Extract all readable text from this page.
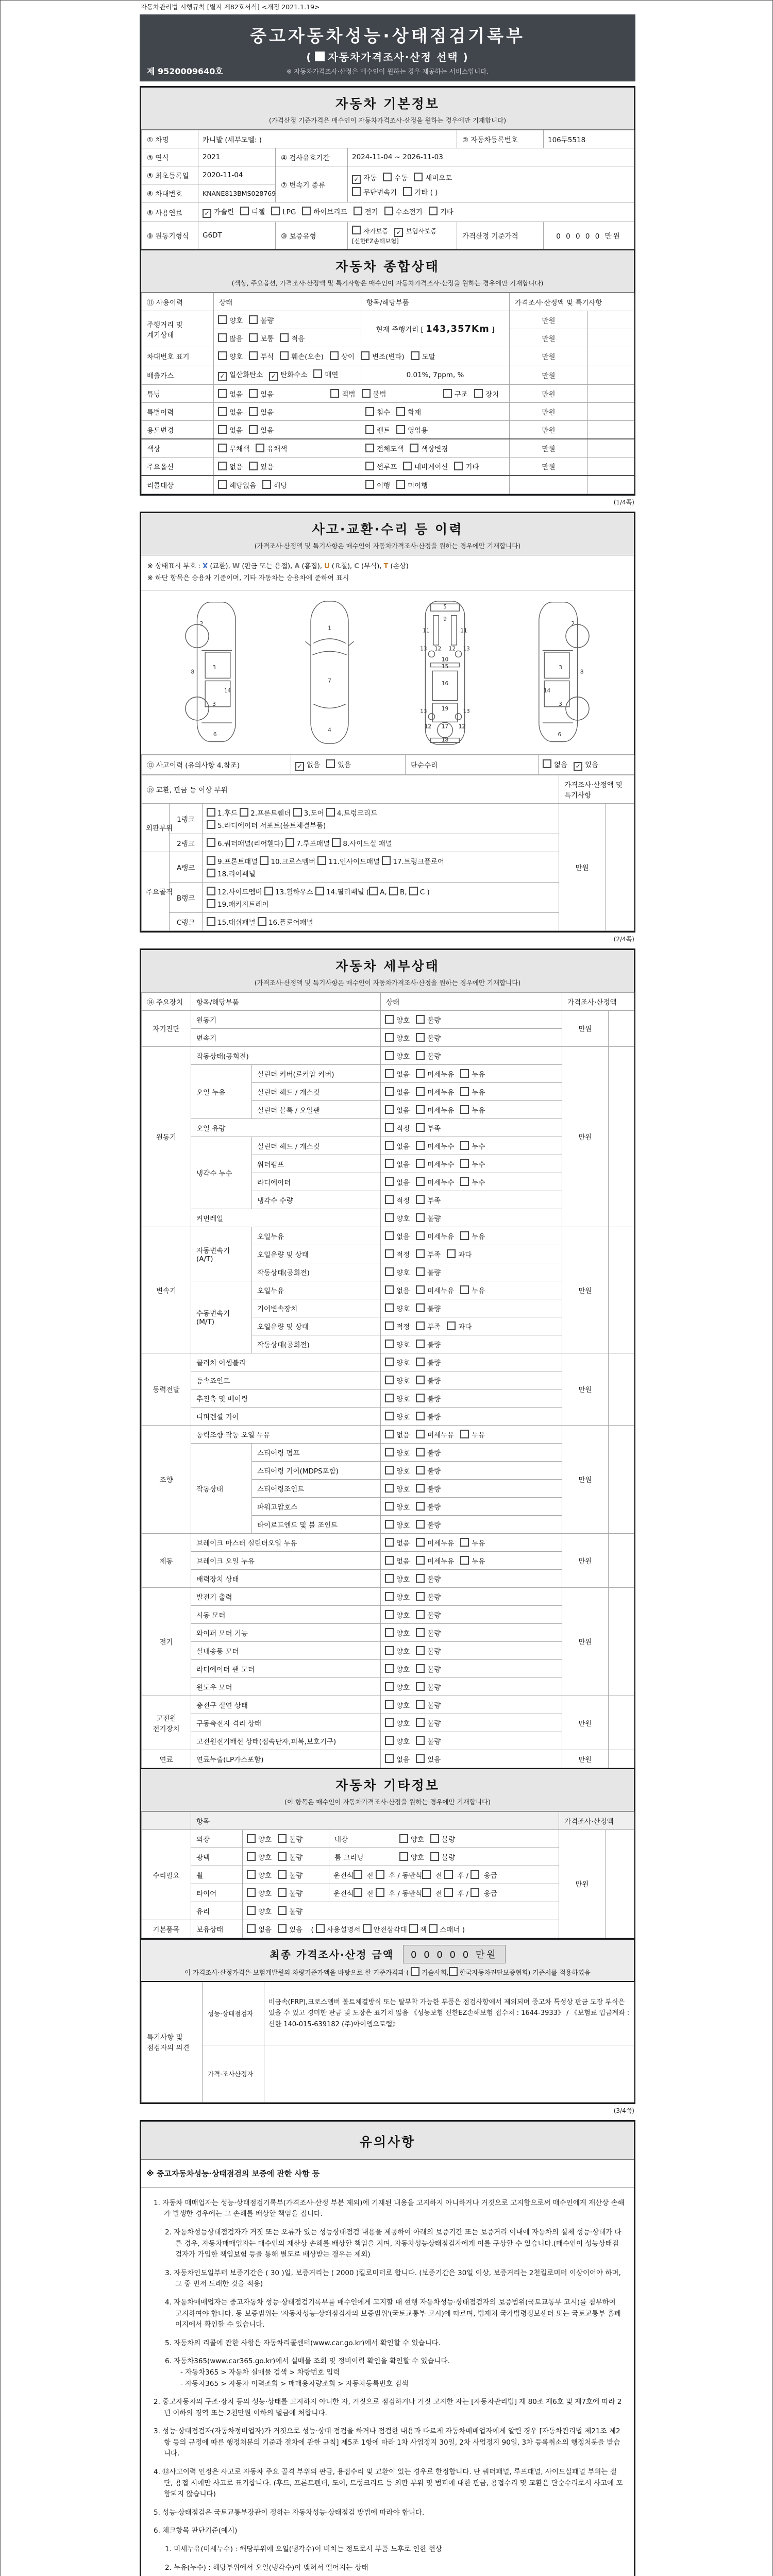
자동차관리법 시행규칙 [별지 제82호서식] <개정 2021.1.19>
중고자동차성능·상태점검기록부
( 자동차가격조사·산정 선택 )
※ 자동차가격조사·산정은 매수인이 원하는 경우 제공하는 서비스입니다.
제 9520009640호
자동차 기본정보
(가격산정 기준가격은 매수인이 자동차가격조사·산정을 원하는 경우에만 기재합니다)
① 차명	카니발 (세부모델: )			② 자동차등록번호	106두5518
③ 연식	2021	④ 검사유효기간	2024-11-04 ~ 2026-11-03		
⑤ 최초등록일	2020-11-04	⑦ 변속기 종류	✓ 자동 수동 세미오토
무단변속기 기타 ( )		

⑥ 차대번호	KNANE813BMS028769				
⑧ 사용연료	✓ 가솔린 디젤 LPG 하이브리드 전기 수소전기 기타				
⑨ 원동기형식	G6DT	⑩ 보증유형	자가보증 ✓ 보험사보증[신한EZ손해보험]	가격산정 기준가격	0 0 0 0 0 만원
자동차 종합상태
(색상, 주요옵션, 가격조사·산정액 및 특기사항은 매수인이 자동차가격조사·산정을 원하는 경우에만 기재합니다)
⑪ 사용이력	상태	항목/해당부품	가격조사·산정액 및 특기사항	
주행거리 및 계기상태	양호 불량	현재 주행거리 [ 143,357Km ]	만원	
	많음 보통 적음		만원	
차대번호 표기	양호 부식 훼손(오손) 상이 변조(변타) 도말		만원	
배출가스	✓ 일산화탄소 ✓ 탄화수소 매연	0.01%, 7ppm, %	만원	
튜닝	없음 있음 적법 불법 구조 장치		만원	
특별이력	없음 있음	침수 화재	만원	
용도변경	없음 있음	렌트 영업용	만원	
색상	무채색 유채색	전체도색 색상변경	만원	
주요옵션	없음 있음	썬루프 네비게이션 기타	만원	
리콜대상	해당없음 해당	이행 미이행		
(1/4쪽)
사고·교환·수리 등 이력
(가격조사·산정액 및 특기사항은 매수인이 자동차가격조사·산정을 원하는 경우에만 기재합니다)
※ 상태표시 부호 : X (교환), W (판금 또는 용접), A (흠집), U (요철), C (부식), T (손상)
※ 하단 항목은 승용차 기준이며, 기타 자동차는 승용차에 준하여 표시
2
8
3
14
3
6
1
7
4
5
9
11	11
13 12 12 13
10
15
16
13 19 13
12 17 12
18
2
8
3
14
3
6
⑫ 사고이력 (유의사항 4.참조)	✓ 없음	있음	단순수리	없음 ✓ 있음
⑬ 교환, 판금 등 이상 부위			가격조사·산정액 및 특기사항	
외판부위	1랭크	1.후드 2.프론트휀더 3.도어 4.트렁크리드
5.라디에이터 서포트(볼트체결부품)	만원	
	2랭크	6.쿼터패널(리어휀다) 7.루프패널 8.사이드실 패널		

주요골격	A랭크	9.프론트패널 10.크로스멤버 11.인사이드패널 17.트렁크플로어
18.리어패널		

	B랭크	12.사이드멤버 13.휠하우스 14.필러패널 ( A, B, C )
19.패키지트레이		

	C랭크	15.대쉬패널 16.플로어패널		
(2/4쪽)
자동차 세부상태
(가격조사·산정액 및 특기사항은 매수인이 자동차가격조사·산정을 원하는 경우에만 기재합니다)
⑭ 주요장치	항목/해당부품		상태	가격조사·산정액	
자기진단	원동기		양호 불량	만원	
	변속기		양호 불량		
원동기	작동상태(공회전)		양호 불량	만원	
	오일 누유	실린더 커버(로커암 커버)	없음 미세누유 누유		
		실린더 헤드 / 개스킷	없음 미세누유 누유		
		실린더 블록 / 오일팬	없음 미세누유 누유		
	오일 유량		적정 부족		
	냉각수 누수	실린더 헤드 / 개스킷	없음 미세누수 누수		
		워터펌프	없음 미세누수 누수		
		라디에이터	없음 미세누수 누수		
		냉각수 수량	적정 부족		
	커먼레일		양호 불량		
변속기	자동변속기 (A/T)	오일누유	없음 미세누유 누유	만원	
		오일유량 및 상태	적정 부족 과다		
		작동상태(공회전)	양호 불량		
	수동변속기 (M/T)	오일누유	없음 미세누유 누유		
		기어변속장치	양호 불량		
		오일유량 및 상태	적정 부족 과다		
		작동상태(공회전)	양호 불량		
동력전달	클러치 어셈블리		양호 불량	만원	
	등속죠인트		양호 불량		
	추진축 및 베어링		양호 불량		
	디퍼렌셜 기어		양호 불량		
조향	동력조향 작동 오일 누유		없음 미세누유 누유	만원	
	작동상태	스티어링 펌프	양호 불량		
		스티어링 기어(MDPS포함)	양호 불량		
		스티어링조인트	양호 불량		
		파워고압호스	양호 불량		
		타이로드엔드 및 볼 조인트	양호 불량		
제동	브레이크 마스터 실린더오일 누유		없음 미세누유 누유	만원	
	브레이크 오일 누유		없음 미세누유 누유		
	배력장치 상태		양호 불량		
전기	발전기 출력		양호 불량	만원	
	시동 모터		양호 불량		
	와이퍼 모터 기능		양호 불량		
	실내송풍 모터		양호 불량		
	라디에이터 팬 모터		양호 불량		
	윈도우 모터		양호 불량		
고전원 전기장치	충전구 절연 상태		양호 불량	만원	
	구동축전지 격리 상태		양호 불량		
	고전원전기배선 상태(접속단자,피복,보호기구)		양호 불량		
연료	연료누출(LP가스포함)		없음 있음	만원	
자동차 기타정보
(이 항목은 매수인이 자동차가격조사·산정을 원하는 경우에만 기재합니다)
	항목				가격조사·산정액	
수리필요	외장	양호 불량	내장	양호 불량	만원	
	광택	양호 불량	룸 크리닝	양호 불량		
	휠	양호 불량	운전석 전  후 / 동반석 전  후 /  응급			
	타이어	양호 불량	운전석 전  후 / 동반석 전  후 /  응급			
	유리	양호 불량				
기본품목	보유상태	없음 있음 ( 사용설명서 안전삼각대 잭 스패너 )				
최종 가격조사·산정 금액	0 0 0 0 0 만원
이 가격조사·산정가격은 보험개발원의 차량기준가액을 바탕으로 한 기준가격과 ( 기술사회, 한국자동차진단보증협회) 기준서를 적용하였음
특기사항 및
점검자의 의견	성능·상태점검자	비금속(FRP),크로스멤버 볼트체결방식 또는 탈부착 가능한 부품은 점검사항에서 제외되며 중고차 특성상 판금 도장 부식은 있을 수 있고 경미한 판금 및 도장은 표기치 않음 《성능보험 신한EZ손해보험 접수처 : 1644-3933》 / 《보험료 입금계좌 : 신한 140-015-639182 (주)아이엠오토랩》
	가격·조사산정자	
(3/4쪽)
유의사항
※ 중고자동차성능·상태점검의 보증에 관한 사항 등
1. 자동차 매매업자는 성능·상태점검기록부(가격조사·산정 부분 제외)에 기재된 내용을 고지하지 아니하거나 거짓으로 고지함으로써 매수인에게 재산상 손해가 발생한 경우에는 그 손해를 배상할 책임을 집니다.
2. 자동차성능상태점검자가 거짓 또는 오류가 있는 성능상태점검 내용을 제공하여 아래의 보증기간 또는 보증거리 이내에 자동차의 실제 성능·상태가 다른 경우, 자동차매매업자는 매수인의 재산상 손해를 배상할 책임을 지며, 자동차성능상태점검자에게 이를 구상할 수 있습니다.(매수인이 성능상태점검자가 가입한 책임보험 등을 통해 별도로 배상받는 경우는 제외)
3. 자동차인도일부터 보증기간은 ( 30 )일, 보증거리는 ( 2000 )킬로미터로 합니다. (보증기간은 30일 이상, 보증거리는 2천킬로미터 이상이어야 하며, 그 중 먼저 도래한 것을 적용)
4. 자동차매매업자는 중고자동차 성능·상태점검기록부를 매수인에게 고지할 때 현행 자동차성능·상태점검자의 보증범위(국토교통부 고시)를 첨부하여 고지하여야 합니다. 동 보증범위는 '자동차성능·상태점검자의 보증범위'(국토교통부 고시)에 따르며, 법제처 국가법령정보센터 또는 국토교통부 홈페이지에서 확인할 수 있습니다.
5. 자동차의 리콜에 관한 사항은 자동차리콜센터(www.car.go.kr)에서 확인할 수 있습니다.
6. 자동차365(www.car365.go.kr)에서 실매물 조회 및 정비이력 확인을 확인할 수 있습니다.
- 자동차365 > 자동차 실매물 검색 > 차량번호 입력
- 자동차365 > 자동차 이력조회 > 매매용차량조회 > 자동차등록번호 검색
2. 중고자동차의 구조·장치 등의 성능·상태를 고지하지 아니한 자, 거짓으로 점검하거나 거짓 고지한 자는 [자동차관리법] 제 80조 제6호 및 제7호에 따라 2년 이하의 징역 또는 2천만원 이하의 벌금에 처합니다.
3. 성능·상태점검자(자동차정비업자)가 거짓으로 성능·상태 점검을 하거나 점검한 내용과 다르게 자동차매매업자에게 알린 경우 [자동차관리법 제21조 제2항 등의 규정에 따른 행정처분의 기준과 절차에 관한 규칙] 제5조 1항에 따라 1차 사업정지 30일, 2차 사업정지 90일, 3차 등록취소의 행정처분을 받습니다.
4. ⑫사고이력 인정은 사고로 자동차 주요 골격 부위의 판금, 용접수리 및 교환이 있는 경우로 한정합니다. 단 쿼터패널, 루프패널, 사이드실패널 부위는 절단, 용접 시에만 사고로 표기합니다. (후드, 프론트펜더, 도어, 트렁크리드 등 외판 부위 및 범퍼에 대한 판금, 용접수리 및 교환은 단순수리로서 사고에 포함되지 않습니다)
5. 성능·상태점검은 국토교통부장관이 정하는 자동차성능·상태점검 방법에 따라야 합니다.
6. 체크항목 판단기준(예시)
1. 미세누유(미세누수) : 해당부위에 오일(냉각수)이 비치는 정도로서 부품 노후로 인한 현상
2. 누유(누수) : 해당부위에서 오일(냉각수)이 맺혀서 떨어지는 상태
